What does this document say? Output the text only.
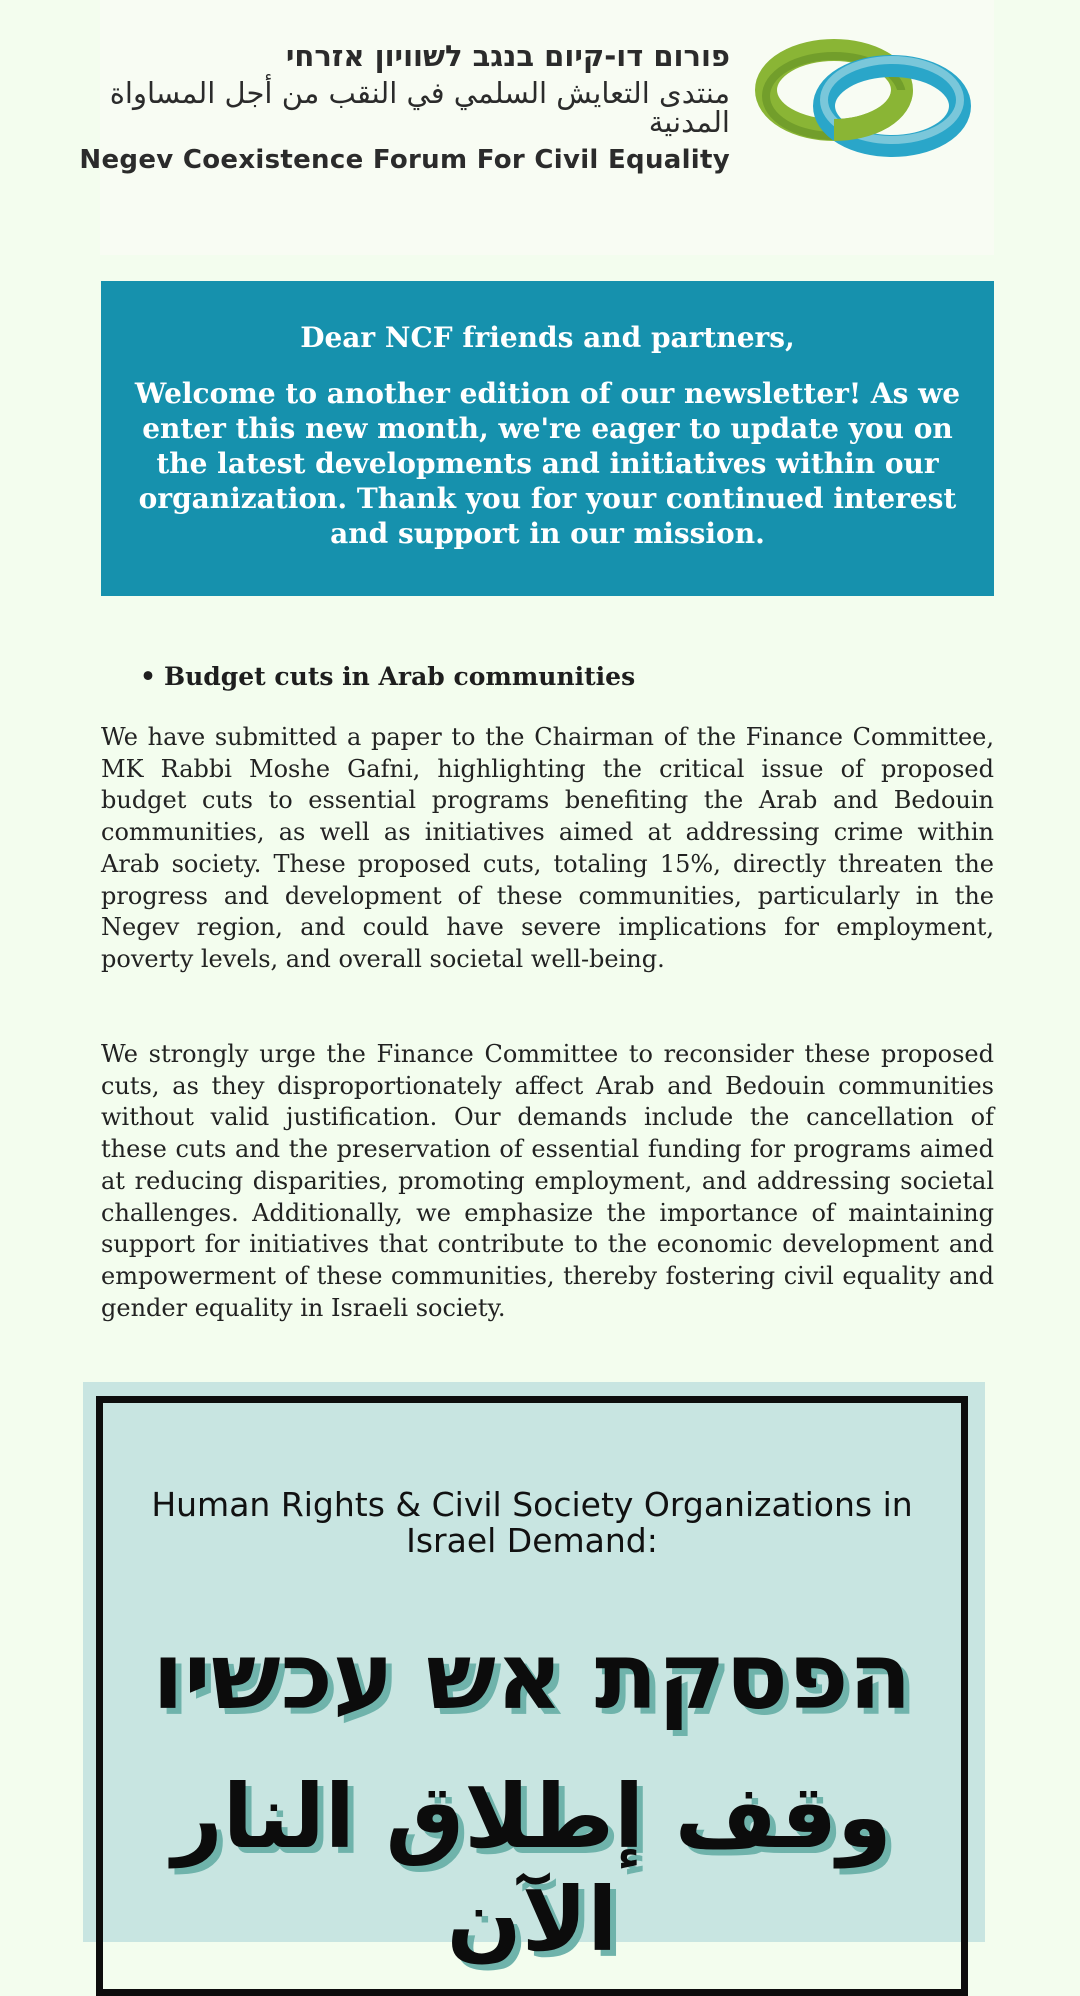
פורום דו-קיום בנגב לשוויון אזרחי
منتدى التعايش السلمي في النقب من أجل المساواة المدنية
Negev Coexistence Forum For Civil Equality
Dear NCF friends and partners,
Welcome to another edition of our newsletter! As we enter this new month, we're eager to update you on the latest developments and initiatives within our organization. Thank you for your continued interest and support in our mission.
• Budget cuts in Arab communities

We have submitted a paper to the Chairman of the Finance Committee, MK Rabbi Moshe Gafni, highlighting the critical issue of proposed budget cuts to essential programs benefiting the Arab and Bedouin communities, as well as initiatives aimed at addressing crime within Arab society. These proposed cuts, totaling 15%, directly threaten the progress and development of these communities, particularly in the Negev region, and could have severe implications for employment, poverty levels, and overall societal well-being.

We strongly urge the Finance Committee to reconsider these proposed cuts, as they disproportionately affect Arab and Bedouin communities without valid justification. Our demands include the cancellation of these cuts and the preservation of essential funding for programs aimed at reducing disparities, promoting employment, and addressing societal challenges. Additionally, we emphasize the importance of maintaining support for initiatives that contribute to the economic development and empowerment of these communities, thereby fostering civil equality and gender equality in Israeli society.

Human Rights & Civil Society Organizations in Israel Demand:
הפסקת אש עכשיו
وقف إطلاق النار الآن
